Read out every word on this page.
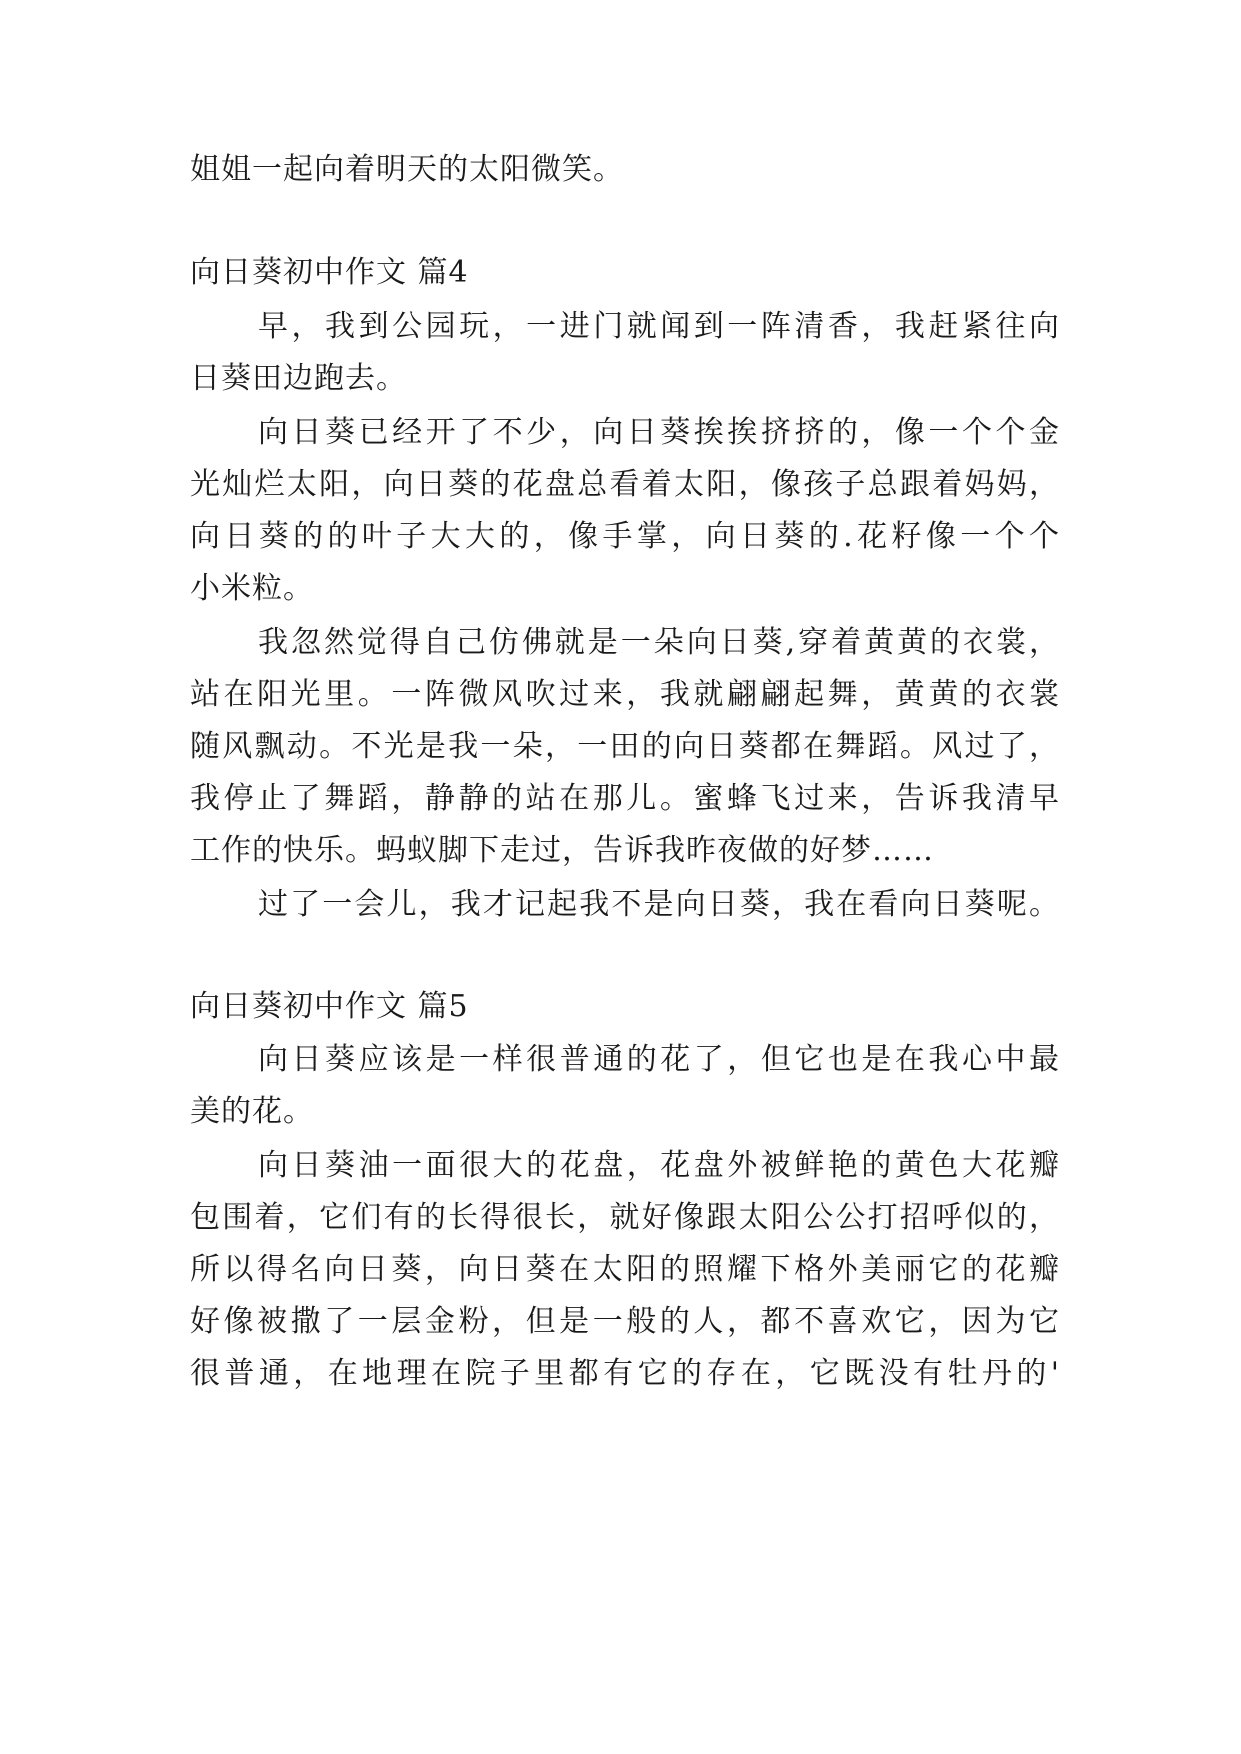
姐姐一起向着明天的太阳微笑。
向日葵初中作文 篇4
早，我到公园玩，一进门就闻到一阵清香，我赶紧往向
日葵田边跑去。
向日葵已经开了不少，向日葵挨挨挤挤的，像一个个金
光灿烂太阳，向日葵的花盘总看着太阳，像孩子总跟着妈妈，
向日葵的的叶子大大的，像手掌，向日葵的.花籽像一个个
小米粒。
我忽然觉得自己仿佛就是一朵向日葵,穿着黄黄的衣裳，
站在阳光里。一阵微风吹过来，我就翩翩起舞，黄黄的衣裳
随风飘动。不光是我一朵，一田的向日葵都在舞蹈。风过了，
我停止了舞蹈，静静的站在那儿。蜜蜂飞过来，告诉我清早
工作的快乐。蚂蚁脚下走过，告诉我昨夜做的好梦……
过了一会儿，我才记起我不是向日葵，我在看向日葵呢。
向日葵初中作文 篇5
向日葵应该是一样很普通的花了，但它也是在我心中最
美的花。
向日葵油一面很大的花盘，花盘外被鲜艳的黄色大花瓣
包围着，它们有的长得很长，就好像跟太阳公公打招呼似的，
所以得名向日葵，向日葵在太阳的照耀下格外美丽它的花瓣
好像被撒了一层金粉，但是一般的人，都不喜欢它，因为它
很普通，在地理在院子里都有它的存在，它既没有牡丹的'
